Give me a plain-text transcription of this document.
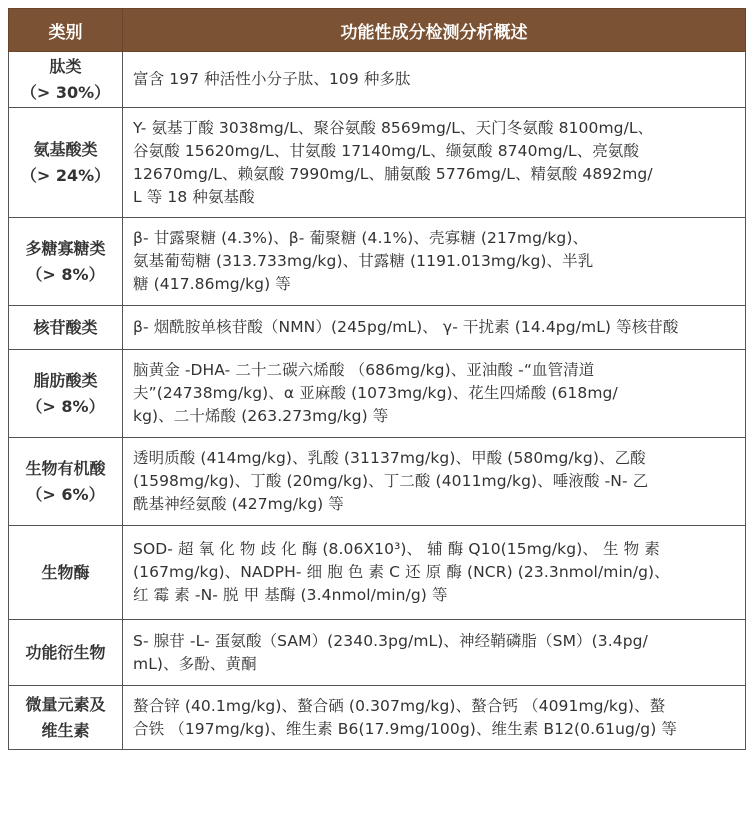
类别	功能性成分检测分析概述

肽类
（> 30%）	富含 197 种活性小分子肽、109 种多肽

氨基酸类
（> 24%）	Y- 氨基丁酸 3038mg/L、聚谷氨酸 8569mg/L、天门冬氨酸 8100mg/L、
谷氨酸 15620mg/L、甘氨酸 17140mg/L、缬氨酸 8740mg/L、亮氨酸
12670mg/L、赖氨酸 7990mg/L、脯氨酸 5776mg/L、精氨酸 4892mg/
L 等 18 种氨基酸

多糖寡糖类
（> 8%）	β- 甘露聚糖 (4.3%)、β- 葡聚糖 (4.1%)、壳寡糖 (217mg/kg)、
氨基葡萄糖 (313.733mg/kg)、甘露糖 (1191.013mg/kg)、半乳
糖 (417.86mg/kg) 等

核苷酸类	β- 烟酰胺单核苷酸（NMN）(245pg/mL)、 γ- 干扰素 (14.4pg/mL) 等核苷酸

脂肪酸类
（> 8%）	脑黄金 -DHA- 二十二碳六烯酸 （686mg/kg)、亚油酸 -“血管清道
夫”(24738mg/kg)、α 亚麻酸 (1073mg/kg)、花生四烯酸 (618mg/
kg)、二十烯酸 (263.273mg/kg) 等

生物有机酸
（> 6%）	透明质酸 (414mg/kg)、乳酸 (31137mg/kg)、甲酸 (580mg/kg)、乙酸
(1598mg/kg)、丁酸 (20mg/kg)、丁二酸 (4011mg/kg)、唾液酸 -N- 乙
酰基神经氨酸 (427mg/kg) 等

生物酶	SOD- 超 氧 化 物 歧 化 酶 (8.06X10³)、 辅 酶 Q10(15mg/kg)、 生 物 素
(167mg/kg)、NADPH- 细 胞 色 素 C 还 原 酶 (NCR) (23.3nmol/min/g)、
红 霉 素 -N- 脱 甲 基酶 (3.4nmol/min/g) 等

功能衍生物	S- 腺苷 -L- 蛋氨酸（SAM）(2340.3pg/mL)、神经鞘磷脂（SM）(3.4pg/
mL)、多酚、黄酮

微量元素及
维生素	螯合锌 (40.1mg/kg)、螯合硒 (0.307mg/kg)、螯合钙 （4091mg/kg)、螯
合铁 （197mg/kg)、维生素 B6(17.9mg/100g)、维生素 B12(0.61ug/g) 等
